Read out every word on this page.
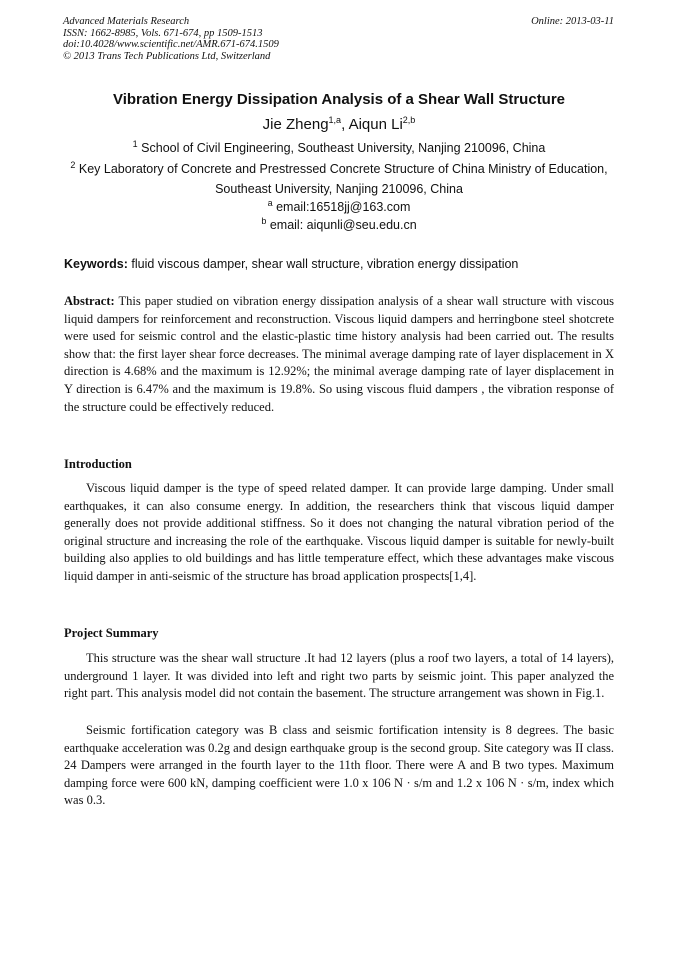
Advanced Materials Research
ISSN: 1662-8985, Vols. 671-674, pp 1509-1513
doi:10.4028/www.scientific.net/AMR.671-674.1509
© 2013 Trans Tech Publications Ltd, Switzerland
Online: 2013-03-11
Vibration Energy Dissipation Analysis of a Shear Wall Structure
Jie Zheng$^{1,a}$, Aiqun Li$^{2,b}$
$^1$ School of Civil Engineering, Southeast University, Nanjing 210096, China
$^2$ Key Laboratory of Concrete and Prestressed Concrete Structure of China Ministry of Education,
Southeast University, Nanjing 210096, China
$^a$ email:16518jj@163.com
$^b$ email: aiqunli@seu.edu.cn
Keywords: fluid viscous damper, shear wall structure, vibration energy dissipation
Abstract: This paper studied on vibration energy dissipation analysis of a shear wall structure with viscous liquid dampers for reinforcement and reconstruction. Viscous liquid dampers and herringbone steel shotcrete were used for seismic control and the elastic-plastic time history analysis had been carried out. The results show that: the first layer shear force decreases. The minimal average damping rate of layer displacement in X direction is 4.68% and the maximum is 12.92%; the minimal average damping rate of layer displacement in Y direction is 6.47% and the maximum is 19.8%. So using viscous fluid dampers , the vibration response of the structure could be effectively reduced.
Introduction
Viscous liquid damper is the type of speed related damper. It can provide large damping. Under small earthquakes, it can also consume energy. In addition, the researchers think that viscous liquid damper generally does not provide additional stiffness. So it does not changing the natural vibration period of the original structure and increasing the role of the earthquake. Viscous liquid damper is suitable for newly-built building also applies to old buildings and has little temperature effect, which these advantages make viscous liquid damper in anti-seismic of the structure has broad application prospects[1,4].
Project Summary
This structure was the shear wall structure .It had 12 layers (plus a roof two layers, a total of 14 layers), underground 1 layer. It was divided into left and right two parts by seismic joint. This paper analyzed the right part. This analysis model did not contain the basement. The structure arrangement was shown in Fig.1.
Seismic fortification category was B class and seismic fortification intensity is 8 degrees. The basic earthquake acceleration was 0.2g and design earthquake group is the second group. Site category was II class. 24 Dampers were arranged in the fourth layer to the 11th floor. There were A and B two types. Maximum damping force were 600 kN, damping coefficient were 1.0 x 106 N · s/m and 1.2 x 106 N · s/m, index which was 0.3.
